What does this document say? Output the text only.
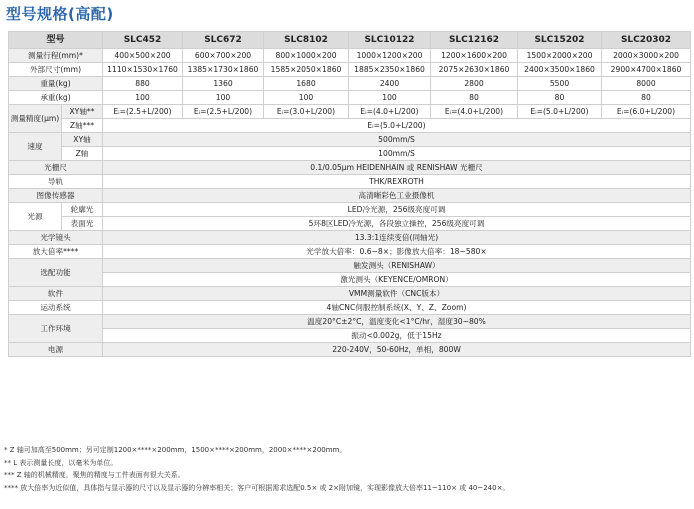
型号规格(高配)
型号		SLC452	SLC672	SLC8102	SLC10122	SLC12162	SLC15202	SLC20302
测量行程(mm)*		400×500×200	600×700×200	800×1000×200	1000×1200×200	1200×1600×200	1500×2000×200	2000×3000×200
外部尺寸(mm)		1110×1530×1760	1385×1730×1860	1585×2050×1860	1885×2350×1860	2075×2630×1860	2400×3500×1860	2900×4700×1860
重量(kg)		880	1360	1680	2400	2800	5500	8000
承重(kg)		100	100	100	100	80	80	80
测量精度(μm)	XY轴**	Eᵢ=(2.5+L/200)	Eᵢ=(2.5+L/200)	Eᵢ=(3.0+L/200)	Eᵢ=(4.0+L/200)	Eᵢ=(4.0+L/200)	Eᵢ=(5.0+L/200)	Eᵢ=(6.0+L/200)
	Z轴***	Eᵢ=(5.0+L/200)						
速度	XY轴	500mm/S						
	Z轴	100mm/S						
光栅尺		0.1/0.05μm HEIDENHAIN 或 RENISHAW 光栅尺						
导轨		THK/REXROTH						
图像传感器		高清晰彩色工业摄像机						
光源	轮廓光	LED冷光源，256级亮度可调						
	表面光	5环8区LED冷光源，各段独立操控，256级亮度可调						
光学镜头		13.3:1连续变倍(同轴光)						
放大倍率****		光学放大倍率：0.6~8×；影像放大倍率：18~580×						
选配功能		触发测头（RENISHAW）						
		激光测头（KEYENCE/OMRON）						
软件		VMM测量软件（CNC版本）						
运动系统		4轴CNC伺服控制系统(X、Y、Z、Zoom)						
工作环境		温度20°C±2°C，温度变化<1°C/hr，湿度30~80%						
		振动<0.002g，低于15Hz						
电源		220-240V，50-60Hz，单相，800W						
* Z 轴可加高至500mm；另可定制1200×****×200mm，1500×****×200mm，2000×****×200mm。
** L 表示测量长度，以毫米为单位。
*** Z 轴的机械精度，聚焦的精度与工件表面有很大关系。
**** 放大倍率为近似值，具体指与显示器的尺寸以及显示器的分辨率相关；客户可根据需求选配0.5× 或 2×附加镜，实现影像放大倍率11~110× 或 40~240×。
